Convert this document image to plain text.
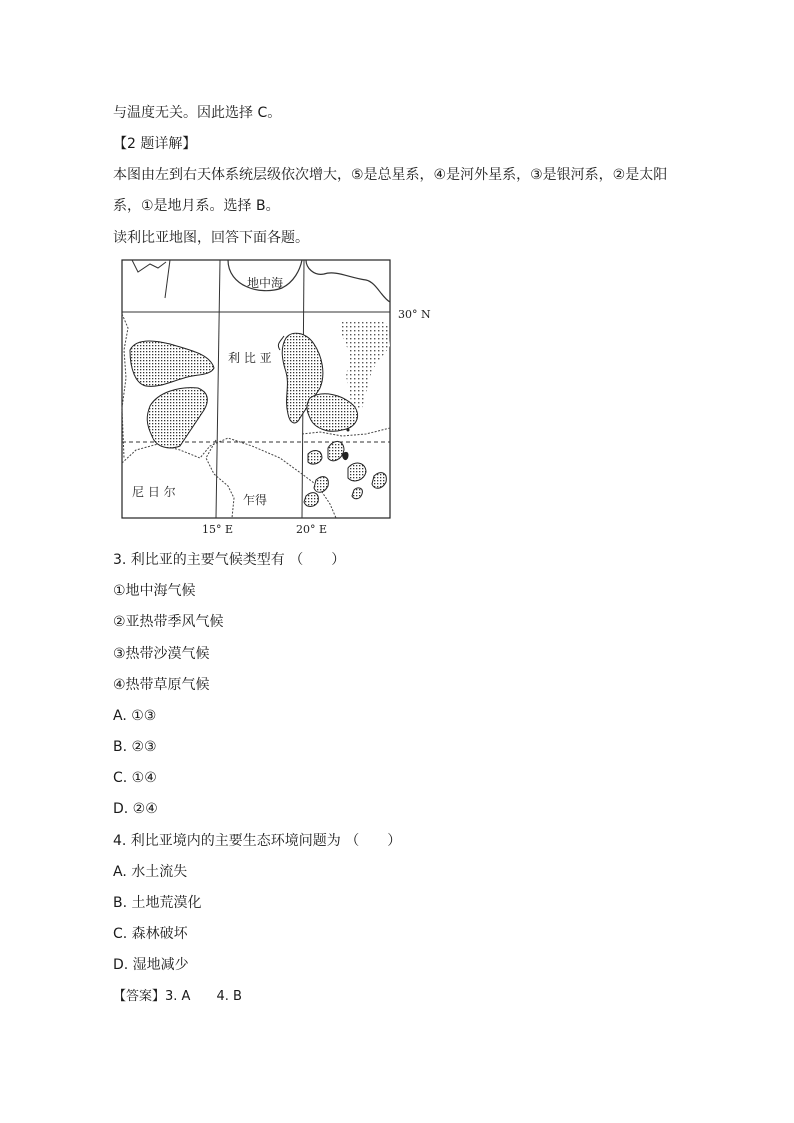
与温度无关。因此选择 C。
【2 题详解】
本图由左到右天体系统层级依次增大，⑤是总星系，④是河外星系，③是银河系，②是太阳
系，①是地月系。选择 B。
读利比亚地图，回答下面各题。
地中海
利 比 亚
尼 日 尔
乍得
30° N
15° E	20° E
3. 利比亚的主要气候类型有 （　　）
①地中海气候
②亚热带季风气候
③热带沙漠气候
④热带草原气候
A. ①③
B. ②③
C. ①④
D. ②④
4. 利比亚境内的主要生态环境问题为 （　　）
A. 水土流失
B. 土地荒漠化
C. 森林破坏
D. 湿地减少
【答案】3. A　　4. B
